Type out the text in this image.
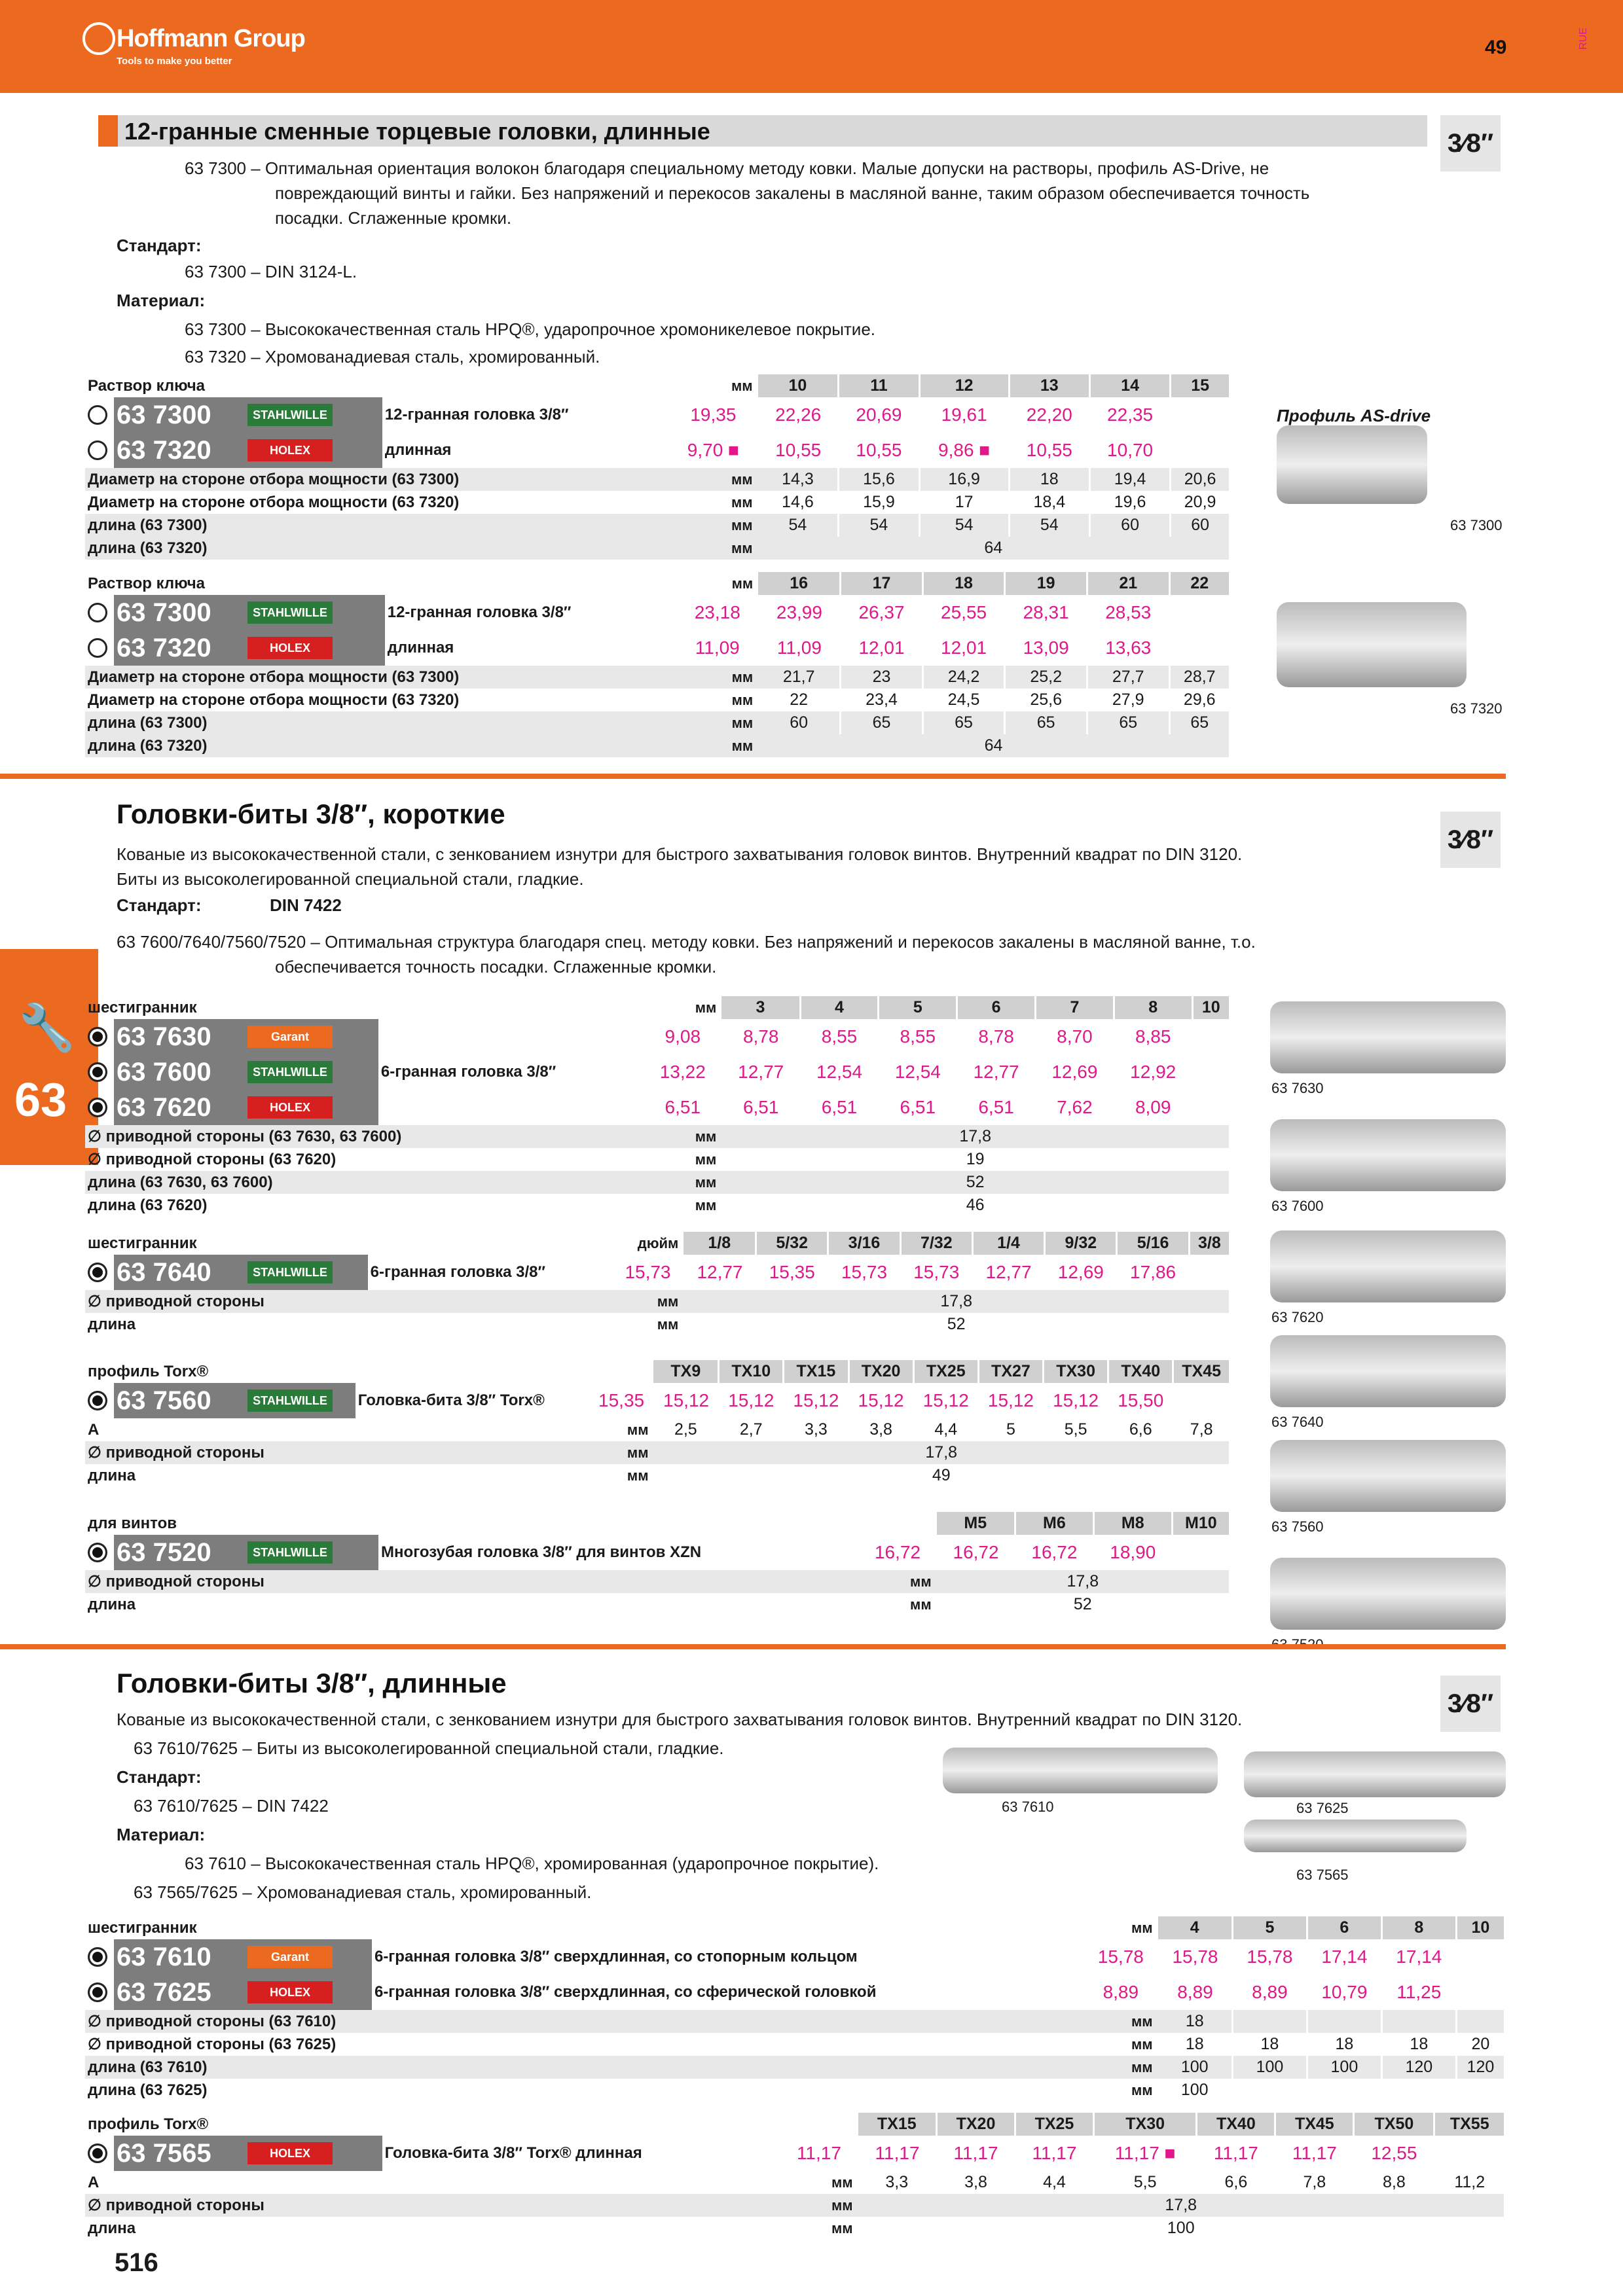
Hoffmann Group
Tools to make you better
49	RUE
🔧
63
12-гранные сменные торцевые головки, длинные	3⁄8″
63 7300 – Оптимальная ориентация волокон благодаря специальному методу ковки. Малые допуски на растворы, профиль AS-Drive, не
повреждающий винты и гайки. Без напряжений и перекосов закалены в масляной ванне, таким образом обеспечивается точность
посадки. Сглаженные кромки.
Стандарт:
63 7300 – DIN 3124-L.
Материал:
63 7300 – Высококачественная сталь HPQ®, ударопрочное хромоникелевое покрытие.
63 7320 – Хромованадиевая сталь, хромированный.
Раствор ключа				мм	10	11	12	13	14	15
	63 7300	STAHLWILLE	12-гранная головка 3/8″	19,35	22,26	20,69	19,61	22,20	22,35	
	63 7320	HOLEX	длинная	9,70 ■	10,55	10,55	9,86 ■	10,55	10,70	
Диаметр на стороне отбора мощности (63 7300)				мм	14,3	15,6	16,9	18	19,4	20,6
Диаметр на стороне отбора мощности (63 7320)				мм	14,6	15,9	17	18,4	19,6	20,9
длина (63 7300)				мм	54	54	54	54	60	60
длина (63 7320)				мм	64					
Раствор ключа				мм	16	17	18	19	21	22
	63 7300	STAHLWILLE	12-гранная головка 3/8″	23,18	23,99	26,37	25,55	28,31	28,53	
	63 7320	HOLEX	длинная	11,09	11,09	12,01	12,01	13,09	13,63	
Диаметр на стороне отбора мощности (63 7300)				мм	21,7	23	24,2	25,2	27,7	28,7
Диаметр на стороне отбора мощности (63 7320)				мм	22	23,4	24,5	25,6	27,9	29,6
длина (63 7300)				мм	60	65	65	65	65	65
длина (63 7320)				мм	64					
Профиль AS-drive
63 7300
63 7320
Головки-биты 3/8″, короткие
3⁄8″
Кованые из высококачественной стали, с зенкованием изнутри для быстрого захватывания головок винтов. Внутренний квадрат по DIN 3120.
Биты из высоколегированной специальной стали, гладкие.
Стандарт:	DIN 7422
63 7600/7640/7560/7520 – Оптимальная структура благодаря спец. методу ковки. Без напряжений и перекосов закалены в масляной ванне, т.о.
обеспечивается точность посадки. Сглаженные кромки.
шестигранник				мм	3	4	5	6	7	8	10
	63 7630	Garant		9,08	8,78	8,55	8,55	8,78	8,70	8,85	
	63 7600	STAHLWILLE	6-гранная головка 3/8″	13,22	12,77	12,54	12,54	12,77	12,69	12,92	
	63 7620	HOLEX		6,51	6,51	6,51	6,51	6,51	7,62	8,09	
∅ приводной стороны (63 7630, 63 7600)				мм	17,8						
∅ приводной стороны (63 7620)				мм	19						
длина (63 7630, 63 7600)				мм	52						
длина (63 7620)				мм	46						
шестигранник				дюйм	1/8	5/32	3/16	7/32	1/4	9/32	5/16	3/8
	63 7640	STAHLWILLE	6-гранная головка 3/8″	15,73	12,77	15,35	15,73	15,73	12,77	12,69	17,86	
∅ приводной стороны				мм	17,8							
длина				мм	52							
профиль Torx®					TX9	TX10	TX15	TX20	TX25	TX27	TX30	TX40	TX45
	63 7560	STAHLWILLE	Головка-бита 3/8″ Torx®	15,35	15,12	15,12	15,12	15,12	15,12	15,12	15,12	15,50	
A				мм	2,5	2,7	3,3	3,8	4,4	5	5,5	6,6	7,8
∅ приводной стороны				мм	17,8								
длина				мм	49								
для винтов					M5	M6	M8	M10
	63 7520	STAHLWILLE	Многозубая головка 3/8″ для винтов XZN	16,72	16,72	16,72	18,90	
∅ приводной стороны				мм	17,8			
длина				мм	52			
63 7630
63 7600
63 7620
63 7640
63 7560
Головки-биты 3/8″, длинные
3⁄8″
Кованые из высококачественной стали, с зенкованием изнутри для быстрого захватывания головок винтов. Внутренний квадрат по DIN 3120.
63 7610/7625 – Биты из высоколегированной специальной стали, гладкие.
Стандарт:
63 7610/7625 – DIN 7422
Материал:
63 7610 – Высококачественная сталь HPQ®, хромированная (ударопрочное покрытие).
63 7565/7625 – Хромованадиевая сталь, хромированный.
63 7610	63 7625
63 7565
шестигранник				мм	4	5	6	8	10
	63 7610	Garant	6-гранная головка 3/8″ сверхдлинная, со стопорным кольцом	15,78	15,78	15,78	17,14	17,14	
	63 7625	HOLEX	6-гранная головка 3/8″ сверхдлинная, со сферической головкой	8,89	8,89	8,89	10,79	11,25	
∅ приводной стороны (63 7610)				мм	18				
∅ приводной стороны (63 7625)				мм	18	18	18	18	20
длина (63 7610)				мм	100	100	100	120	120
длина (63 7625)				мм	100				
профиль Torx®					TX15	TX20	TX25	TX30	TX40	TX45	TX50	TX55
	63 7565	HOLEX	Головка-бита 3/8″ Torx® длинная	11,17	11,17	11,17	11,17	11,17 ■	11,17	11,17	12,55	
A				мм	3,3	3,8	4,4	5,5	6,6	7,8	8,8	11,2
∅ приводной стороны				мм	17,8							
длина				мм	100							
516
